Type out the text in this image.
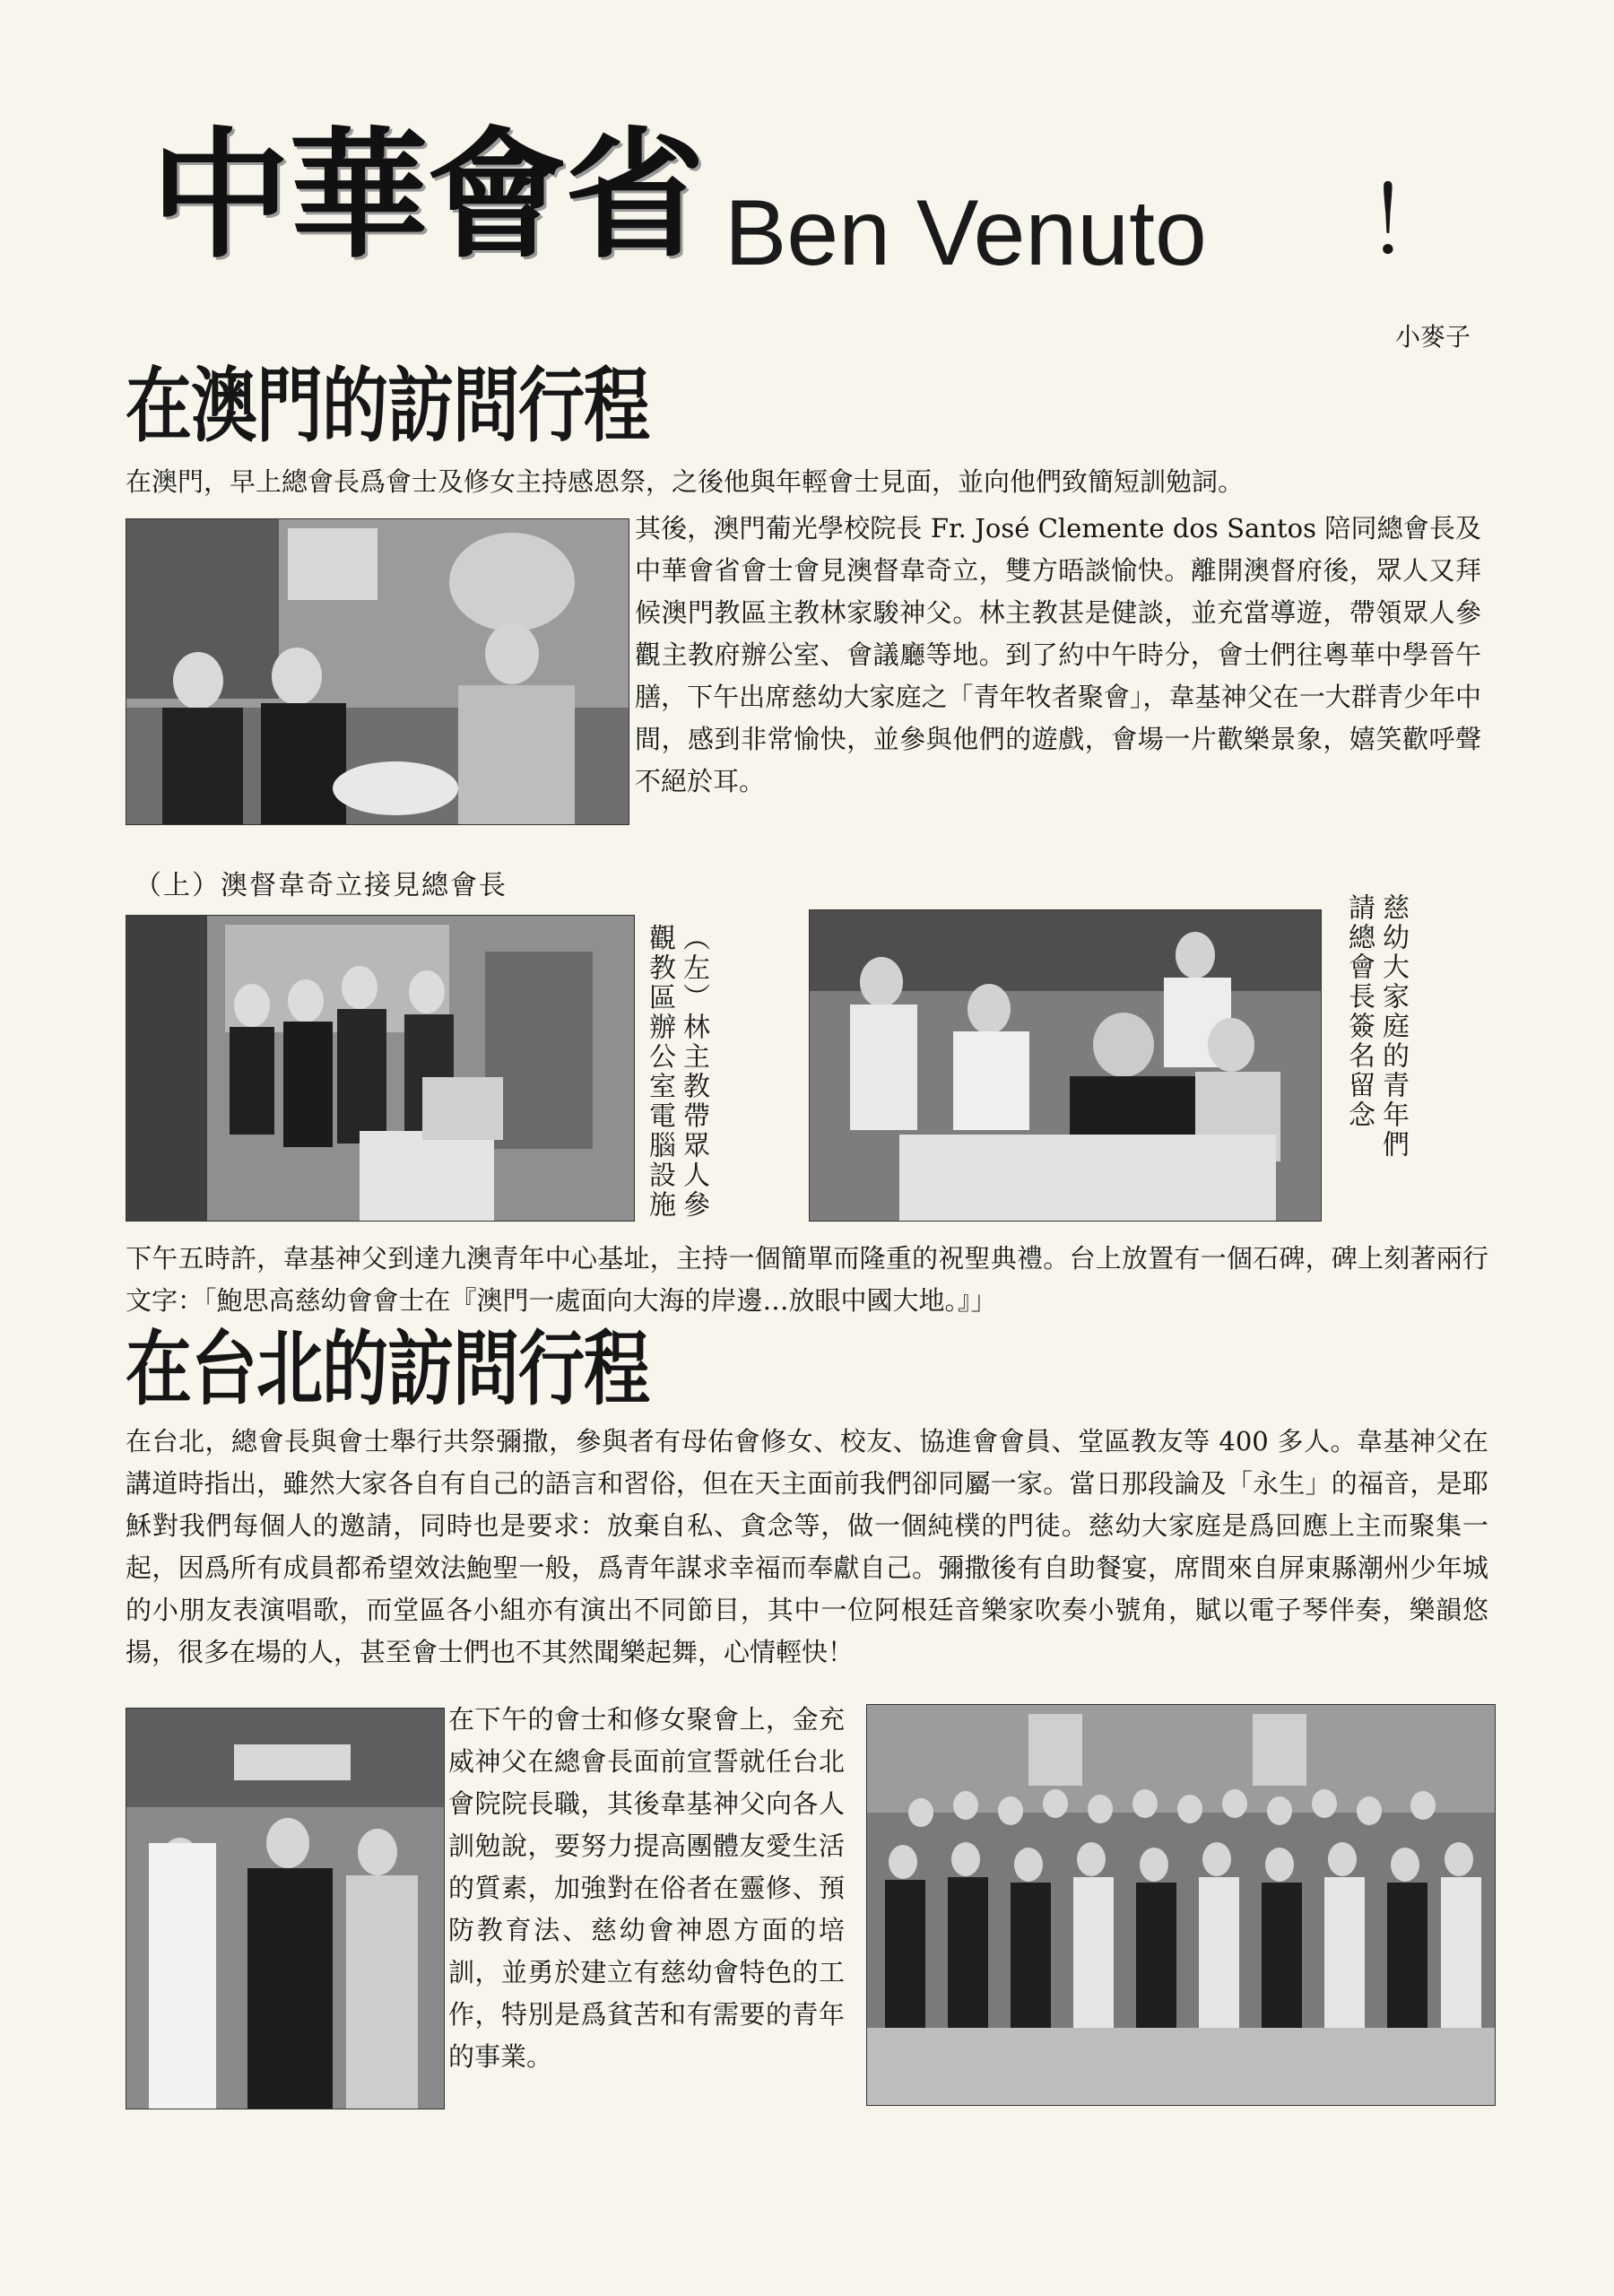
中華會省 Ben Venuto ！
小麥子
在澳門的訪問行程
在澳門，早上總會長爲會士及修女主持感恩祭，之後他與年輕會士見面，並向他們致簡短訓勉詞。
其後，澳門葡光學校院長 Fr. José Clemente dos Santos 陪同總會長及中華會省會士會見澳督韋奇立，雙方晤談愉快。離開澳督府後，眾人又拜候澳門教區主教林家駿神父。林主教甚是健談，並充當導遊，帶領眾人參觀主教府辦公室、會議廳等地。到了約中午時分，會士們往粵華中學晉午膳，下午出席慈幼大家庭之「青年牧者聚會」，韋基神父在一大群青少年中間，感到非常愉快，並參與他們的遊戲，會場一片歡樂景象，嬉笑歡呼聲不絕於耳。
（上）澳督韋奇立接見總會長
（左）林主教帶眾人參觀教區辦公室電腦設施	慈幼大家庭的青年們請總會長簽名留念
下午五時許，韋基神父到達九澳青年中心基址，主持一個簡單而隆重的祝聖典禮。台上放置有一個石碑，碑上刻著兩行文字：「鮑思高慈幼會會士在『澳門一處面向大海的岸邊…放眼中國大地。』」
在台北的訪問行程
在台北，總會長與會士舉行共祭彌撒，參與者有母佑會修女、校友、協進會會員、堂區教友等 400 多人。韋基神父在講道時指出，雖然大家各自有自己的語言和習俗，但在天主面前我們卻同屬一家。當日那段論及「永生」的福音，是耶穌對我們每個人的邀請，同時也是要求：放棄自私、貪念等，做一個純樸的門徒。慈幼大家庭是爲回應上主而聚集一起，因爲所有成員都希望效法鮑聖一般，爲青年謀求幸福而奉獻自己。彌撒後有自助餐宴，席間來自屏東縣潮州少年城的小朋友表演唱歌，而堂區各小組亦有演出不同節目，其中一位阿根廷音樂家吹奏小號角，賦以電子琴伴奏，樂韻悠揚，很多在場的人，甚至會士們也不其然聞樂起舞，心情輕快！
在下午的會士和修女聚會上，金充威神父在總會長面前宣誓就任台北會院院長職，其後韋基神父向各人訓勉說，要努力提高團體友愛生活的質素，加強對在俗者在靈修、預防教育法、慈幼會神恩方面的培訓，並勇於建立有慈幼會特色的工作，特別是爲貧苦和有需要的青年的事業。
